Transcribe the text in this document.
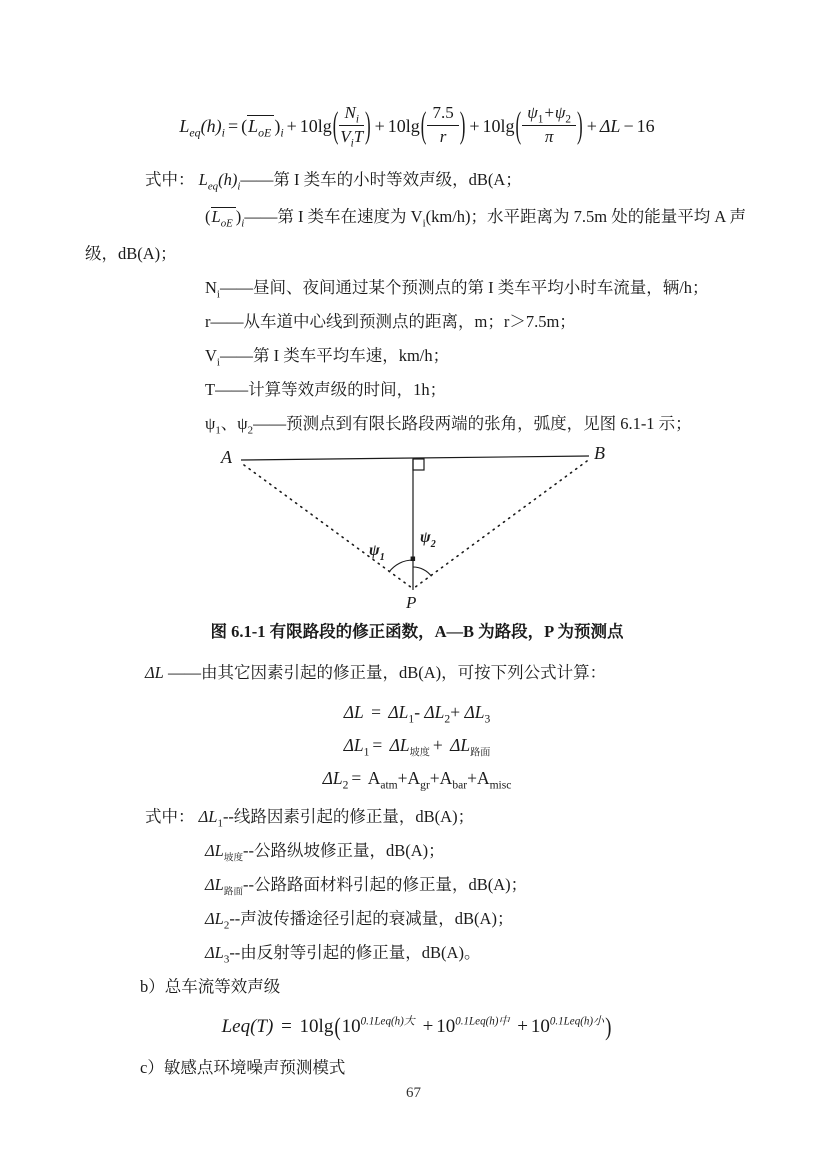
$L_{eq}(h)_i = (L_{oE}$ )$_i + 10\lg$ ( $\frac{N_i}{V_iT}$ ) + 10lg ( $\frac{7.5}{r}$ ) + 10lg ( $\frac{\psi_1+\psi_2}{\pi}$ ) + ΔL − 16
式中： $L_{eq}(h)_i——$第 I 类车的小时等效声级，dB(A；
($L_{oE}$ )$_i——$第 I 类车在速度为 $V_i(km/h)$；水平距离为 7.5m 处的能量平均 A 声
级，dB(A)；
$N_i——$昼间、夜间通过某个预测点的第 I 类车平均小时车流量，辆/h；
r——从车道中心线到预测点的距离，m；r＞7.5m；
$V_i——$第 I 类车平均车速，km/h；
T——计算等效声级的时间，1h；
$\psi_1$、$\psi_2——$预测点到有限长路段两端的张角，弧度，见图 6.1-1 示；
A	B
P
$\psi_1$
$\psi_2$
图 6.1-1 有限路段的修正函数，A—B 为路段，P 为预测点
ΔL ——由其它因素引起的修正量，dB(A)，可按下列公式计算：
$\Delta L = \Delta L_1-$ $\Delta L_2+ \Delta L_3$
$\Delta L_1 = \Delta L_{坡度} + \Delta L_{路面}$
$\Delta L_2 = A_{atm}+A_{gr}+A_{bar}+A_{misc}$
式中： $\Delta L_1--$线路因素引起的修正量，dB(A)；
$\Delta L_{坡度}--$公路纵坡修正量，dB(A)；
$\Delta L_{路面}--$公路路面材料引起的修正量，dB(A)；
$\Delta L_2--$声波传播途径引起的衰减量，dB(A)；
$\Delta L_3--$由反射等引起的修正量，dB(A)。
b）总车流等效声级
$Leq(T) = 10\lg(10^{0.1Leq(h)大} + 10^{0.1Leq(h)中} + 10^{0.1Leq(h)小})$
c）敏感点环境噪声预测模式
67
